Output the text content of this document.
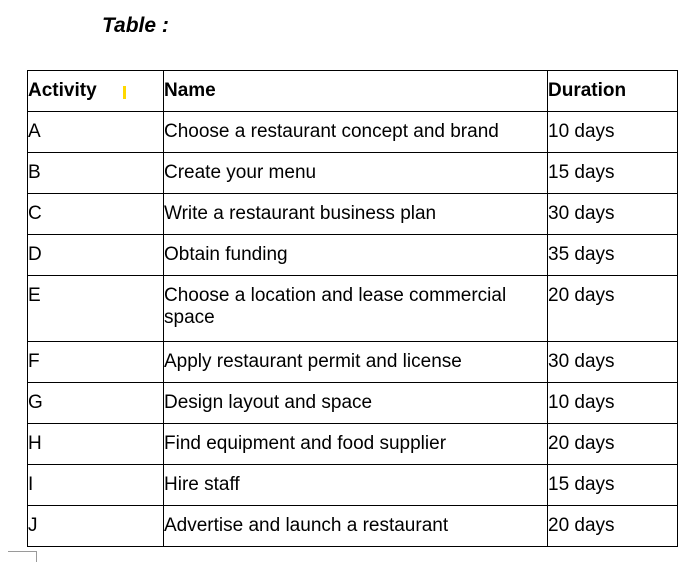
Table :
Activity	Name	Duration
A	Choose a restaurant concept and brand	10 days
B	Create your menu	15 days
C	Write a restaurant business plan	30 days
D	Obtain funding	35 days

E	Choose a location and lease commercial space	20 days

F	Apply restaurant permit and license	30 days
G	Design layout and space	10 days
H	Find equipment and food supplier	20 days
I	Hire staff	15 days
J	Advertise and launch a restaurant	20 days
